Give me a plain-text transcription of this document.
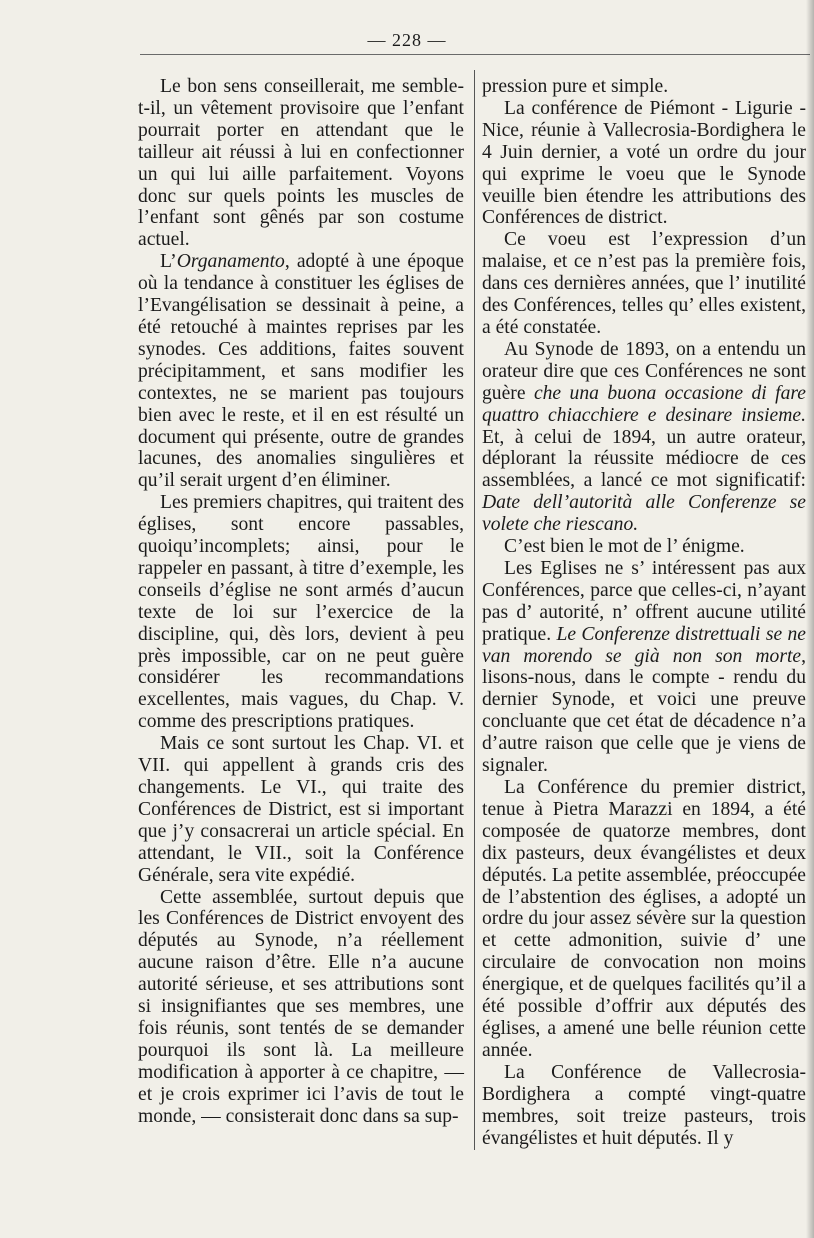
— 228 —

Le bon sens conseillerait, me semble-t-il, un vêtement provisoire que l’enfant pourrait porter en attendant que le tailleur ait réussi à lui en confectionner un qui lui aille parfaitement. Voyons donc sur quels points les muscles de l’enfant sont gênés par son costume actuel.

L’Organamento, adopté à une époque où la tendance à constituer les églises de l’Evangélisation se dessinait à peine, a été retouché à maintes reprises par les synodes. Ces additions, faites souvent précipitamment, et sans modifier les contextes, ne se marient pas toujours bien avec le reste, et il en est résulté un document qui présente, outre de grandes lacunes, des anomalies singulières et qu’il serait urgent d’en éliminer.

Les premiers chapitres, qui traitent des églises, sont encore passables, quoiqu’incomplets; ainsi, pour le rappeler en passant, à titre d’exemple, les conseils d’église ne sont armés d’aucun texte de loi sur l’exercice de la discipline, qui, dès lors, devient à peu près impossible, car on ne peut guère considérer les recommandations excellentes, mais vagues, du Chap. V. comme des prescriptions pratiques.

Mais ce sont surtout les Chap. VI. et VII. qui appellent à grands cris des changements. Le VI., qui traite des Conférences de District, est si important que j’y consacrerai un article spécial. En attendant, le VII., soit la Conférence Générale, sera vite expédié.

Cette assemblée, surtout depuis que les Conférences de District envoyent des députés au Synode, n’a réellement aucune raison d’être. Elle n’a aucune autorité sérieuse, et ses attributions sont si insignifiantes que ses membres, une fois réunis, sont tentés de se demander pourquoi ils sont là. La meilleure modification à apporter à ce chapitre, — et je crois exprimer ici l’avis de tout le monde, — consisterait donc dans sa sup-

pression pure et simple.

La conférence de Piémont - Ligurie - Nice, réunie à Vallecrosia-Bordighera le 4 Juin dernier, a voté un ordre du jour qui exprime le voeu que le Synode veuille bien étendre les attributions des Conférences de district.

Ce voeu est l’expression d’un malaise, et ce n’est pas la première fois, dans ces dernières années, que l’ inutilité des Conférences, telles qu’ elles existent, a été constatée.

Au Synode de 1893, on a entendu un orateur dire que ces Conférences ne sont guère che una buona occasione di fare quattro chiacchiere e desinare insieme. Et, à celui de 1894, un autre orateur, déplorant la réussite médiocre de ces assemblées, a lancé ce mot significatif: Date dell’autorità alle Conferenze se volete che riescano.

C’est bien le mot de l’ énigme.

Les Eglises ne s’ intéressent pas aux Conférences, parce que celles-ci, n’ayant pas d’ autorité, n’ offrent aucune utilité pratique. Le Conferenze distrettuali se ne van morendo se già non son morte, lisons-nous, dans le compte - rendu du dernier Synode, et voici une preuve concluante que cet état de décadence n’a d’autre raison que celle que je viens de signaler.

La Conférence du premier district, tenue à Pietra Marazzi en 1894, a été composée de quatorze membres, dont dix pasteurs, deux évangélistes et deux députés. La petite assemblée, préoccupée de l’abstention des églises, a adopté un ordre du jour assez sévère sur la question et cette admonition, suivie d’ une circulaire de convocation non moins énergique, et de quelques facilités qu’il a été possible d’offrir aux députés des églises, a amené une belle réunion cette année.

La Conférence de Vallecrosia-Bordighera a compté vingt-quatre membres, soit treize pasteurs, trois évangélistes et huit députés. Il y
